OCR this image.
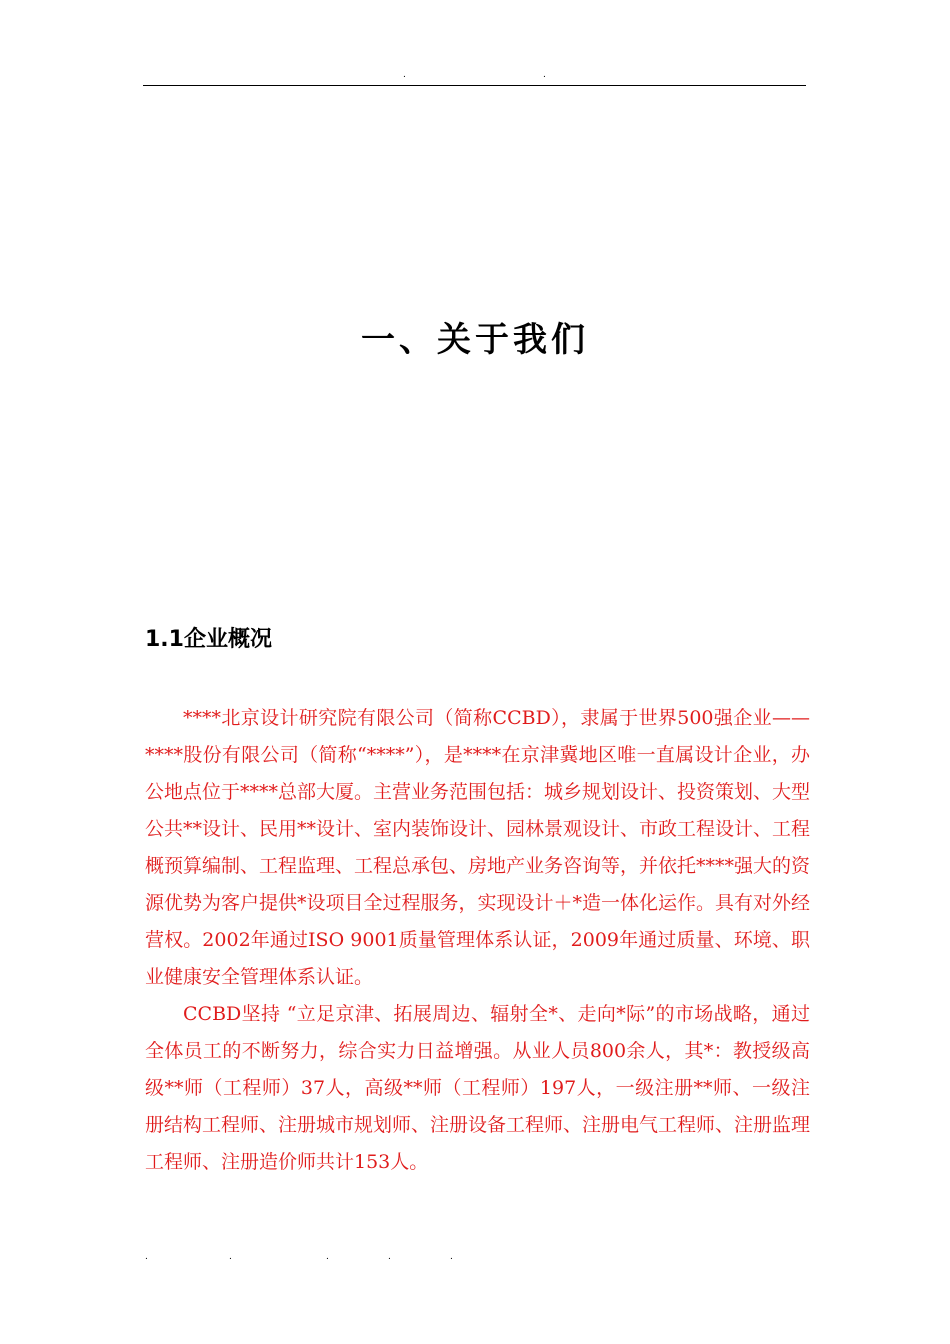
.	.
一、关于我们
1.1企业概况

****北京设计研究院有限公司（简称CCBD），隶属于世界500强企业——****股份有限公司（简称“****”），是****在京津冀地区唯一直属设计企业，办公地点位于****总部大厦。主营业务范围包括：城乡规划设计、投资策划、大型公共**设计、民用**设计、室内装饰设计、园林景观设计、市政工程设计、工程概预算编制、工程监理、工程总承包、房地产业务咨询等，并依托****强大的资源优势为客户提供*设项目全过程服务，实现设计＋*造一体化运作。具有对外经营权。2002年通过ISO 9001质量管理体系认证，2009年通过质量、环境、职业健康安全管理体系认证。

CCBD坚持 “立足京津、拓展周边、辐射全*、走向*际”的市场战略，通过全体员工的不断努力，综合实力日益增强。从业人员800余人，其*：教授级高级**师（工程师）37人，高级**师（工程师）197人，一级注册**师、一级注册结构工程师、注册城市规划师、注册设备工程师、注册电气工程师、注册监理工程师、注册造价师共计153人。

.	.	.	.	.
